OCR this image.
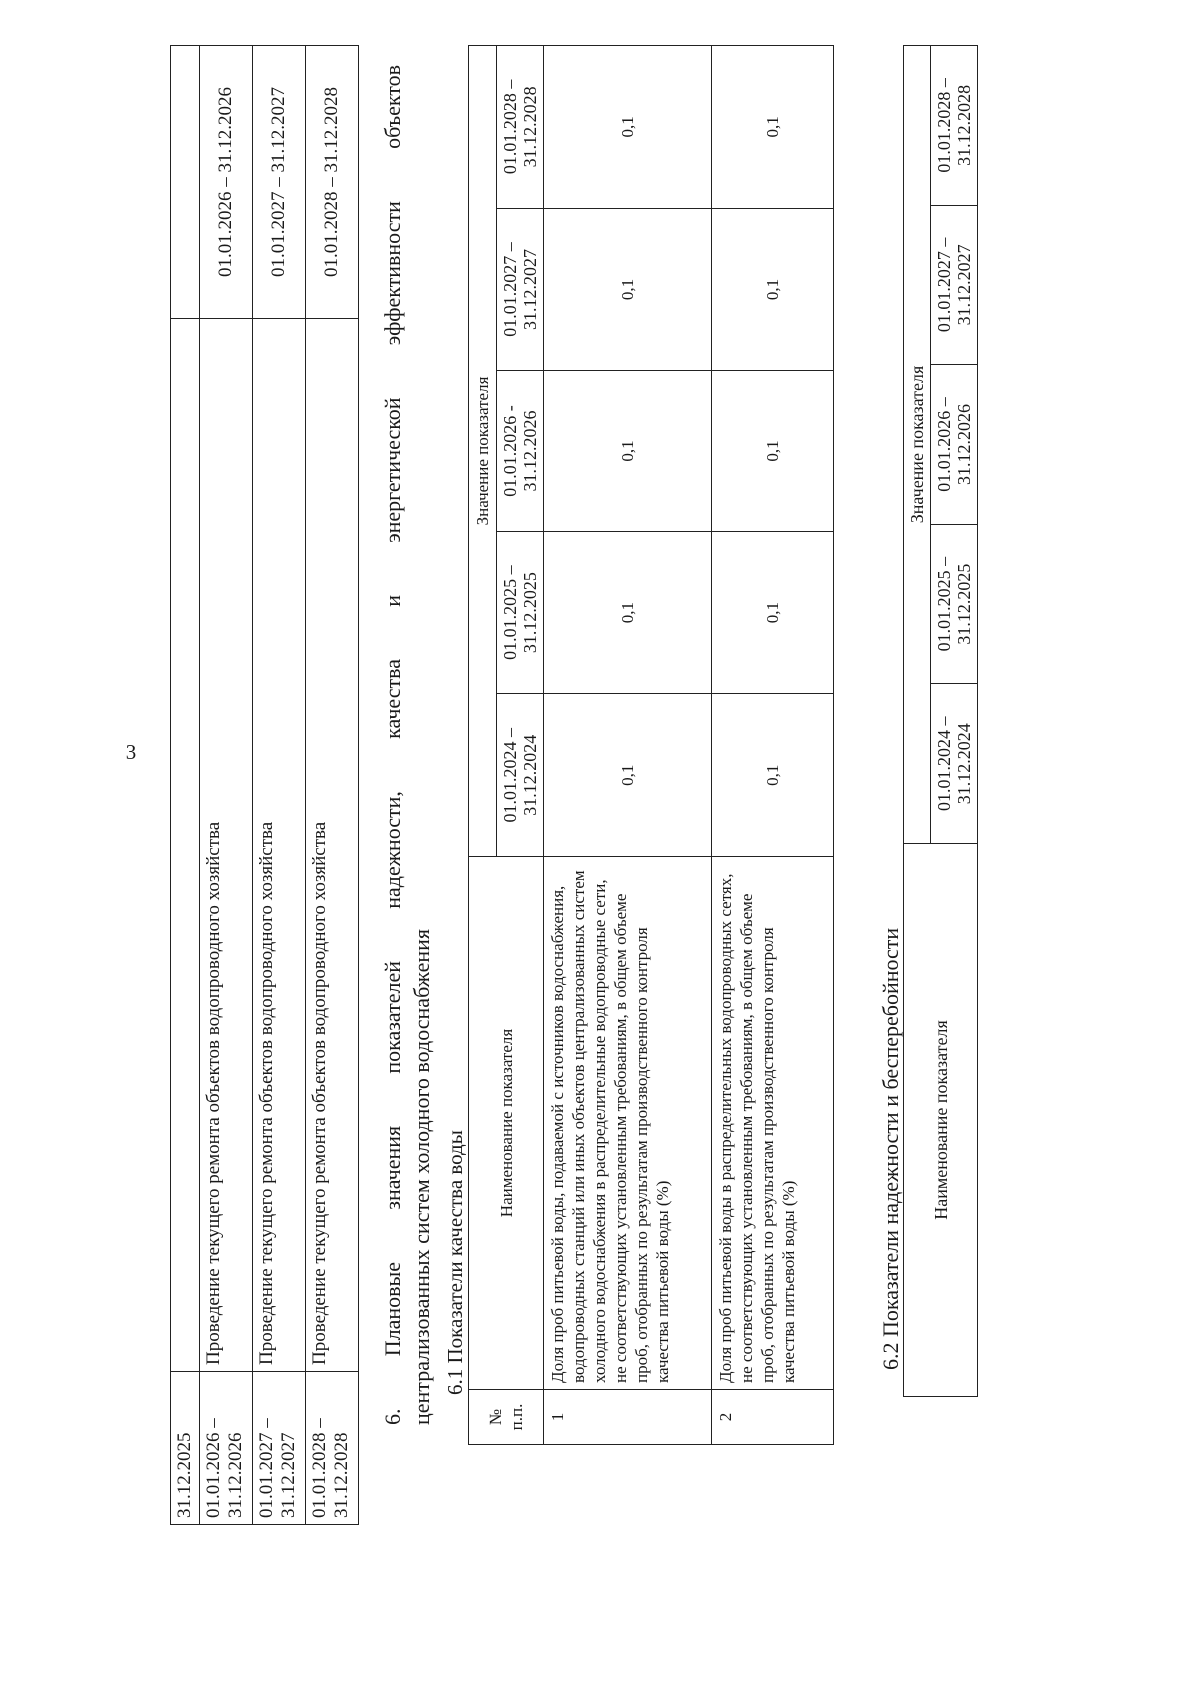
3
31.12.2025		
01.01.2026 – 31.12.2026	Проведение текущего ремонта объектов водопроводного хозяйства	01.01.2026 – 31.12.2026
01.01.2027 – 31.12.2027	Проведение текущего ремонта объектов водопроводного хозяйства	01.01.2027 – 31.12.2027
01.01.2028 – 31.12.2028	Проведение текущего ремонта объектов водопроводного хозяйства	01.01.2028 – 31.12.2028 6. Плановые значения показателей надежности, качества и энергетической эффективности объектов централизованных систем холодного водоснабжения 6.1 Показатели качества воды
№ п.п.	Наименование показателя	Значение показателя				
		01.01.2024 – 31.12.2024	01.01.2025 – 31.12.2025	01.01.2026 - 31.12.2026	01.01.2027 – 31.12.2027	01.01.2028 – 31.12.2028
1	Доля проб питьевой воды, подаваемой с источников водоснабжения, водопроводных станций или иных объектов централизованных систем холодного водоснабжения в распределительные водопроводные сети, не соответствующих установленным требованиям, в общем объеме проб, отобранных по результатам производственного контроля качества питьевой воды (%)	0,1	0,1	0,1	0,1	0,1
2	Доля проб питьевой воды в распределительных водопроводных сетях, не соответствующих установленным требованиям, в общем объеме проб, отобранных по результатам производственного контроля качества питьевой воды (%)	0,1	0,1	0,1	0,1	0,1
6.2 Показатели надежности и бесперебойности Наименование показателя	Значение показателя				
	01.01.2024 – 31.12.2024	01.01.2025 – 31.12.2025	01.01.2026 – 31.12.2026	01.01.2027 – 31.12.2027	01.01.2028 – 31.12.2028
